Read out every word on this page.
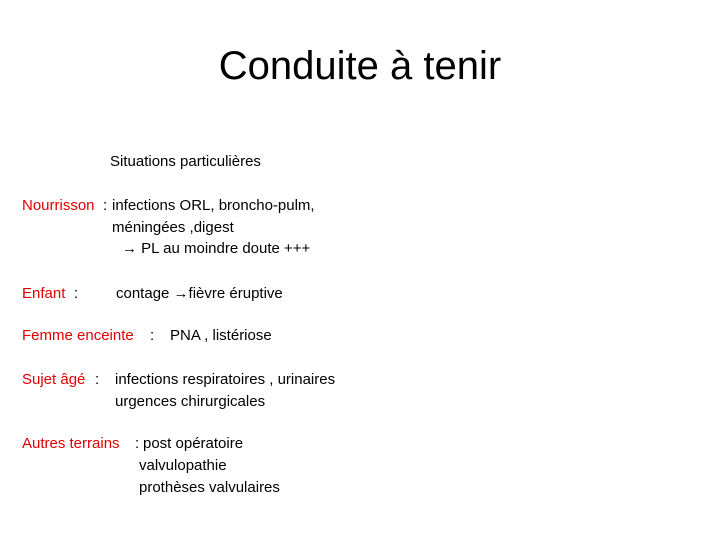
Conduite à tenir
Situations particulières
Nourrisson : infections ORL, broncho-pulm,
méningées ,digest
→ PL au moindre doute +++
Enfant :	contage →fièvre éruptive
Femme enceinte : PNA , listériose
Sujet âgé : infections respiratoires , urinaires
urgences chirurgicales
Autres terrains : post opératoire
valvulopathie
prothèses valvulaires
